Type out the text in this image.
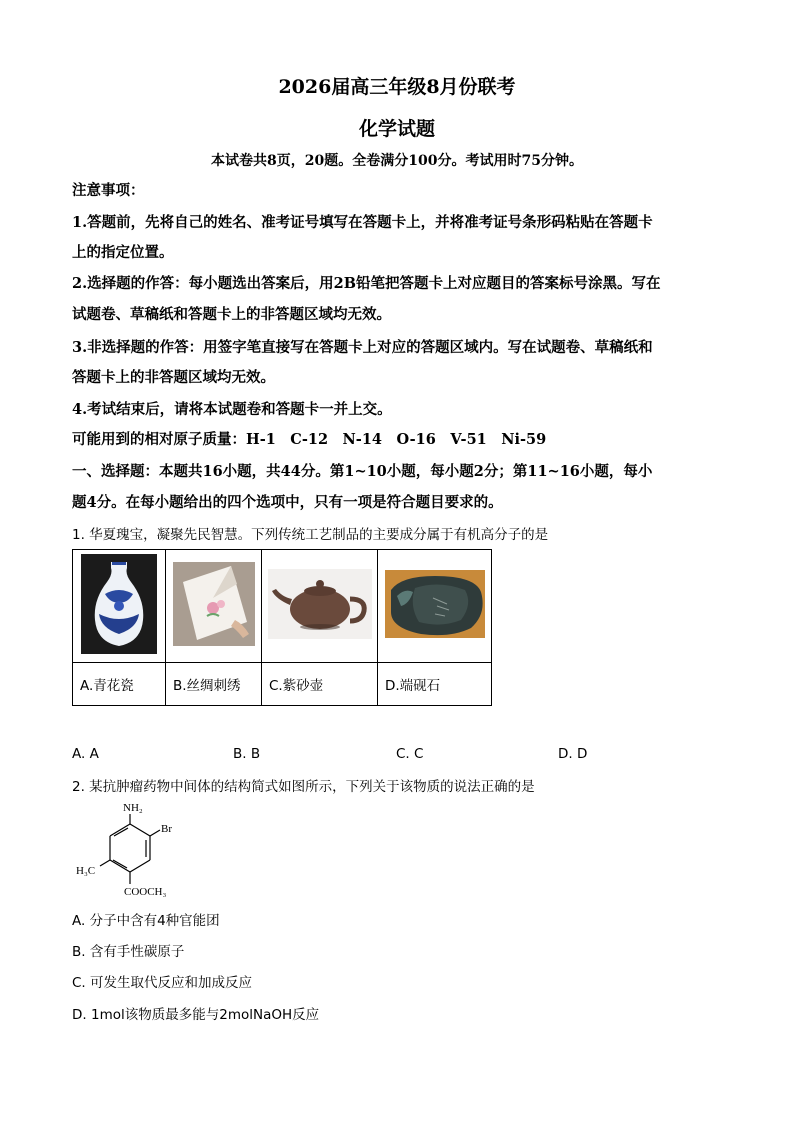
2026届高三年级8月份联考
化学试题
本试卷共8页，20题。全卷满分100分。考试用时75分钟。
注意事项：
1.答题前，先将自己的姓名、准考证号填写在答题卡上，并将准考证号条形码粘贴在答题卡
上的指定位置。
2.选择题的作答：每小题选出答案后，用2B铅笔把答题卡上对应题目的答案标号涂黑。写在
试题卷、草稿纸和答题卡上的非答题区域均无效。
3.非选择题的作答：用签字笔直接写在答题卡上对应的答题区域内。写在试题卷、草稿纸和
答题卡上的非答题区域均无效。
4.考试结束后，请将本试题卷和答题卡一并上交。
可能用到的相对原子质量：H-1　C-12　N-14　O-16　V-51　Ni-59
一、选择题：本题共16小题，共44分。第1~10小题，每小题2分；第11~16小题，每小
题4分。在每小题给出的四个选项中，只有一项是符合题目要求的。
1. 华夏瑰宝，凝聚先民智慧。下列传统工艺制品的主要成分属于有机高分子的是

A.青花瓷	B.丝绸刺绣	C.紫砂壶	D.端砚石
A. A	B. B	C. C	D. D
2. 某抗肿瘤药物中间体的结构简式如图所示，下列关于该物质的说法正确的是
NH₂
Br
H₃C
COOCH₃
A. 分子中含有4种官能团
B. 含有手性碳原子
C. 可发生取代反应和加成反应
D. 1mol该物质最多能与2molNaOH反应
